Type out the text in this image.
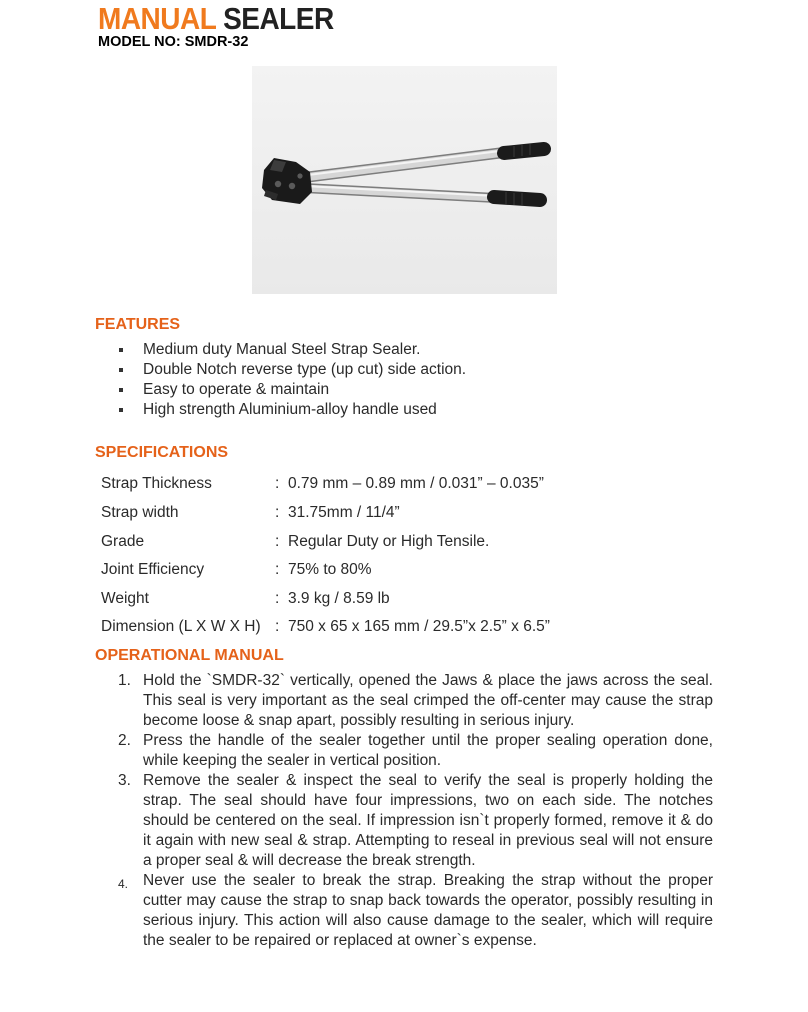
MANUAL SEALER
MODEL NO: SMDR-32
FEATURES
Medium duty Manual Steel Strap Sealer.
Double Notch reverse type (up cut) side action.
Easy to operate & maintain
High strength Aluminium-alloy handle used
SPECIFICATIONS
Strap Thickness	: 0.79 mm – 0.89 mm / 0.031” – 0.035”
Strap width	: 31.75mm / 11/4”
Grade	: Regular Duty or High Tensile.
Joint Efficiency	: 75% to 80%
Weight	: 3.9 kg / 8.59 lb
Dimension (L X W X H) : 750 x 65 x 165 mm / 29.5”x 2.5” x 6.5”
OPERATIONAL MANUAL
1. Hold the `SMDR-32` vertically, opened the Jaws & place the jaws across the seal. This seal is very important as the seal crimped the off-center may cause the strap become loose & snap apart, possibly resulting in serious injury.
2. Press the handle of the sealer together until the proper sealing operation done, while keeping the sealer in vertical position.
3. Remove the sealer & inspect the seal to verify the seal is properly holding the strap. The seal should have four impressions, two on each side. The notches should be centered on the seal. If impression isn`t properly formed, remove it & do it again with new seal & strap. Attempting to reseal in previous seal will not ensure a proper seal & will decrease the break strength.
4. Never use the sealer to break the strap. Breaking the strap without the proper cutter may cause the strap to snap back towards the operator, possibly resulting in serious injury. This action will also cause damage to the sealer, which will require the sealer to be repaired or replaced at owner`s expense.
